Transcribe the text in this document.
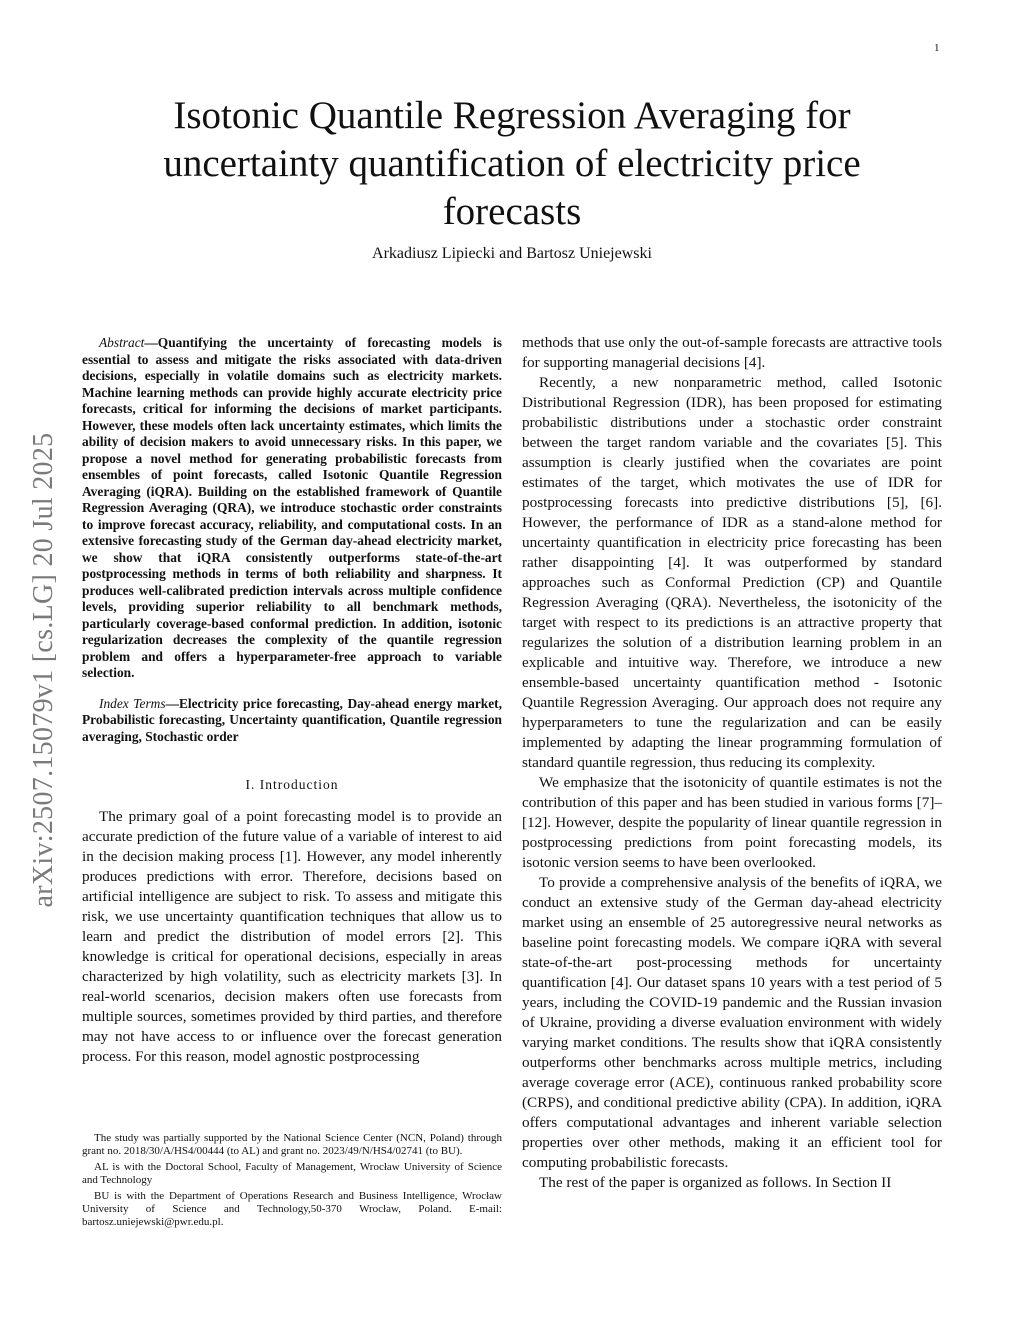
1
arXiv:2507.15079v1 [cs.LG] 20 Jul 2025
Isotonic Quantile Regression Averaging for uncertainty quantification of electricity price forecasts
Arkadiusz Lipiecki and Bartosz Uniejewski

Abstract—Quantifying the uncertainty of forecasting models is essential to assess and mitigate the risks associated with data-driven decisions, especially in volatile domains such as electricity markets. Machine learning methods can provide highly accurate electricity price forecasts, critical for informing the decisions of market participants. However, these models often lack uncertainty estimates, which limits the ability of decision makers to avoid unnecessary risks. In this paper, we propose a novel method for generating probabilistic forecasts from ensembles of point forecasts, called Isotonic Quantile Regression Averaging (iQRA). Building on the established framework of Quantile Regression Averaging (QRA), we introduce stochastic order constraints to improve forecast accuracy, reliability, and computational costs. In an extensive forecasting study of the German day-ahead electricity market, we show that iQRA consistently outperforms state-of-the-art postprocessing methods in terms of both reliability and sharpness. It produces well-calibrated prediction intervals across multiple confidence levels, providing superior reliability to all benchmark methods, particularly coverage-based conformal prediction. In addition, isotonic regularization decreases the complexity of the quantile regression problem and offers a hyperparameter-free approach to variable selection.

Index Terms—Electricity price forecasting, Day-ahead energy market, Probabilistic forecasting, Uncertainty quantification, Quantile regression averaging, Stochastic order

I. Introduction

The primary goal of a point forecasting model is to provide an accurate prediction of the future value of a variable of interest to aid in the decision making process [1]. However, any model inherently produces predictions with error. Therefore, decisions based on artificial intelligence are subject to risk. To assess and mitigate this risk, we use uncertainty quantification techniques that allow us to learn and predict the distribution of model errors [2]. This knowledge is critical for operational decisions, especially in areas characterized by high volatility, such as electricity markets [3]. In real-world scenarios, decision makers often use forecasts from multiple sources, sometimes provided by third parties, and therefore may not have access to or influence over the forecast generation process. For this reason, model agnostic postprocessing

methods that use only the out-of-sample forecasts are attractive tools for supporting managerial decisions [4].

Recently, a new nonparametric method, called Isotonic Distributional Regression (IDR), has been proposed for estimating probabilistic distributions under a stochastic order constraint between the target random variable and the covariates [5]. This assumption is clearly justified when the covariates are point estimates of the target, which motivates the use of IDR for postprocessing forecasts into predictive distributions [5], [6]. However, the performance of IDR as a stand-alone method for uncertainty quantification in electricity price forecasting has been rather disappointing [4]. It was outperformed by standard approaches such as Conformal Prediction (CP) and Quantile Regression Averaging (QRA). Nevertheless, the isotonicity of the target with respect to its predictions is an attractive property that regularizes the solution of a distribution learning problem in an explicable and intuitive way. Therefore, we introduce a new ensemble-based uncertainty quantification method - Isotonic Quantile Regression Averaging. Our approach does not require any hyperparameters to tune the regularization and can be easily implemented by adapting the linear programming formulation of standard quantile regression, thus reducing its complexity.

We emphasize that the isotonicity of quantile estimates is not the contribution of this paper and has been studied in various forms [7]–[12]. However, despite the popularity of linear quantile regression in postprocessing predictions from point forecasting models, its isotonic version seems to have been overlooked.

To provide a comprehensive analysis of the benefits of iQRA, we conduct an extensive study of the German day-ahead electricity market using an ensemble of 25 autoregressive neural networks as baseline point forecasting models. We compare iQRA with several state-of-the-art post-processing methods for uncertainty quantification [4]. Our dataset spans 10 years with a test period of 5 years, including the COVID-19 pandemic and the Russian invasion of Ukraine, providing a diverse evaluation environment with widely varying market conditions. The results show that iQRA consistently outperforms other benchmarks across multiple metrics, including average coverage error (ACE), continuous ranked probability score (CRPS), and conditional predictive ability (CPA). In addition, iQRA offers computational advantages and inherent variable selection properties over other methods, making it an efficient tool for computing probabilistic forecasts.

The rest of the paper is organized as follows. In Section II

The study was partially supported by the National Science Center (NCN, Poland) through grant no. 2018/30/A/HS4/00444 (to AL) and grant no. 2023/49/N/HS4/02741 (to BU).

AL is with the Doctoral School, Faculty of Management, Wrocław University of Science and Technology

BU is with the Department of Operations Research and Business Intelligence, Wrocław University of Science and Technology,50-370 Wrocław, Poland. E-mail: bartosz.uniejewski@pwr.edu.pl.
